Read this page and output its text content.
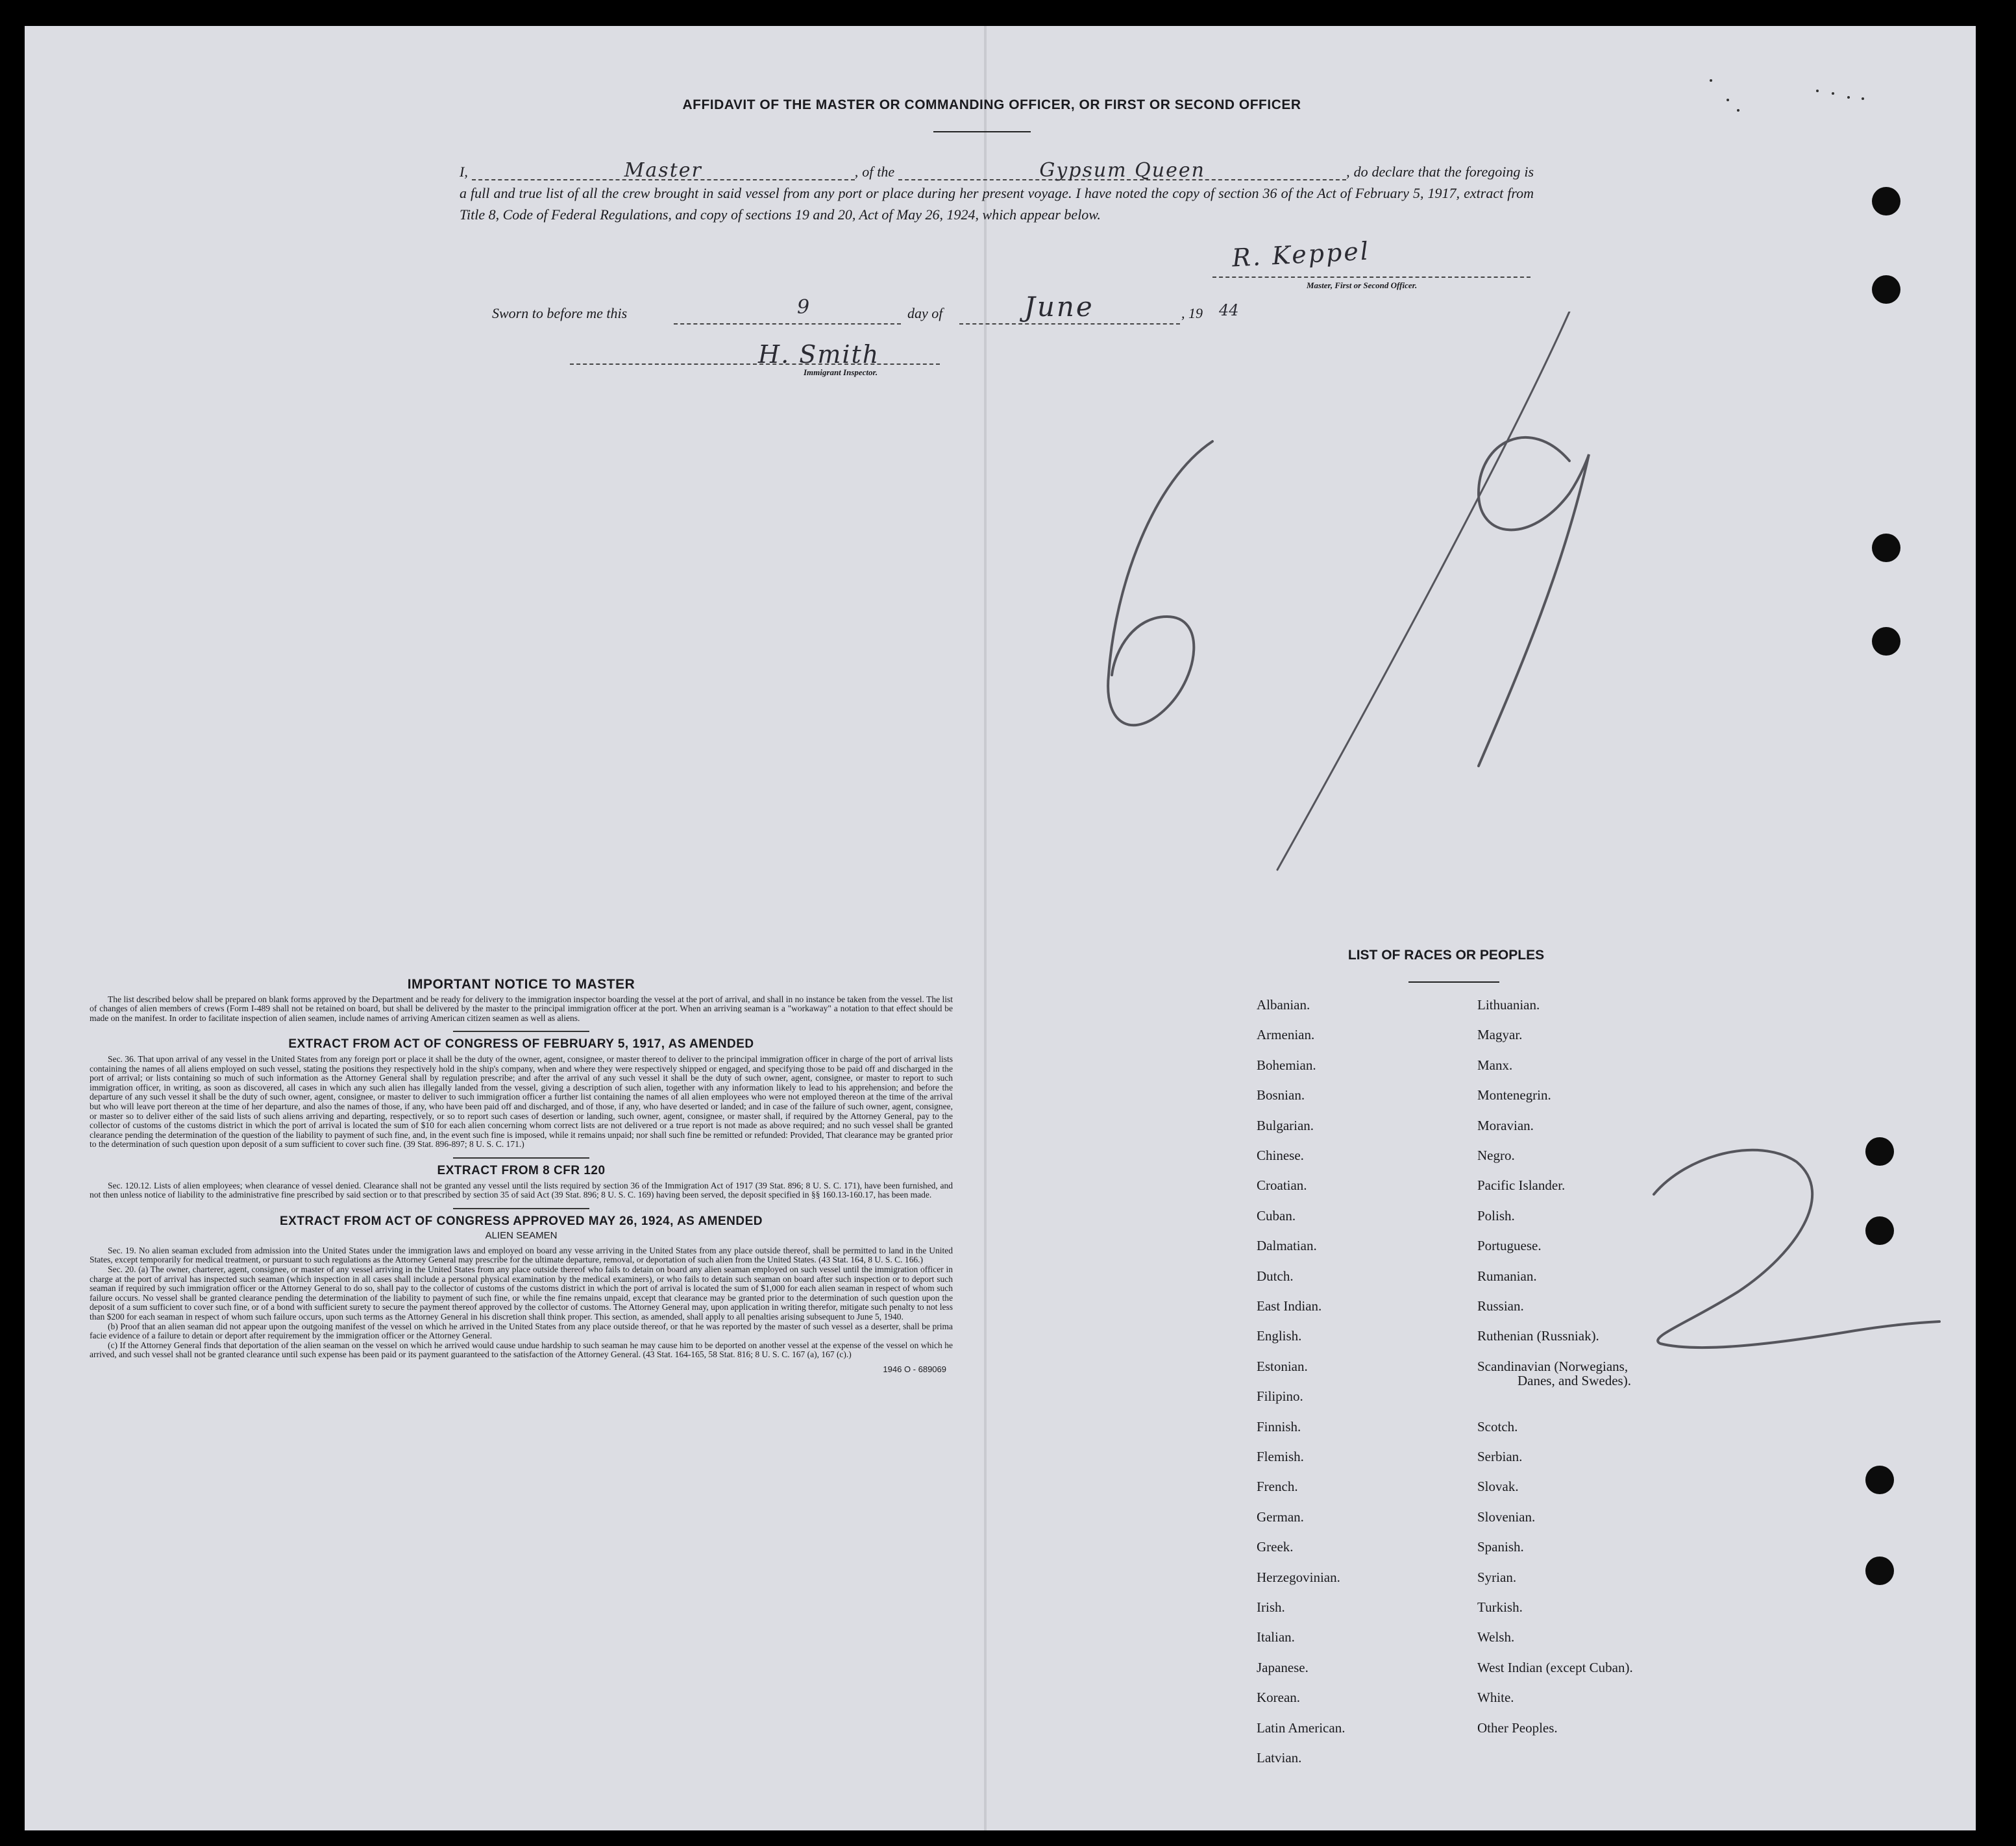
AFFIDAVIT OF THE MASTER OR COMMANDING OFFICER, OR FIRST OR SECOND OFFICER
I,	Master	, of the	Gypsum Queen	, do declare that the foregoing is a full and true list of all the crew brought in said vessel from any port or place during her present voyage. I have noted the copy of section 36 of the Act of February 5, 1917, extract from Title 8, Code of Federal Regulations, and copy of sections 19 and 20, Act of May 26, 1924, which appear below.
R. Keppel
Master, First or Second Officer.
Sworn to before me this	9	day of	June	, 19 44
H. Smith
Immigrant Inspector.
IMPORTANT NOTICE TO MASTER

The list described below shall be prepared on blank forms approved by the Department and be ready for delivery to the immigration inspector boarding the vessel at the port of arrival, and shall in no instance be taken from the vessel. The list of changes of alien members of crews (Form I-489 shall not be retained on board, but shall be delivered by the master to the principal immigration officer at the port. When an arriving seaman is a "workaway" a notation to that effect should be made on the manifest. In order to facilitate inspection of alien seamen, include names of arriving American citizen seamen as well as aliens.

EXTRACT FROM ACT OF CONGRESS OF FEBRUARY 5, 1917, AS AMENDED

Sec. 36. That upon arrival of any vessel in the United States from any foreign port or place it shall be the duty of the owner, agent, consignee, or master thereof to deliver to the principal immigration officer in charge of the port of arrival lists containing the names of all aliens employed on such vessel, stating the positions they respectively hold in the ship's company, when and where they were respectively shipped or engaged, and specifying those to be paid off and discharged in the port of arrival; or lists containing so much of such information as the Attorney General shall by regulation prescribe; and after the arrival of any such vessel it shall be the duty of such owner, agent, consignee, or master to report to such immigration officer, in writing, as soon as discovered, all cases in which any such alien has illegally landed from the vessel, giving a description of such alien, together with any information likely to lead to his apprehension; and before the departure of any such vessel it shall be the duty of such owner, agent, consignee, or master to deliver to such immigration officer a further list containing the names of all alien employees who were not employed thereon at the time of the arrival but who will leave port thereon at the time of her departure, and also the names of those, if any, who have been paid off and discharged, and of those, if any, who have deserted or landed; and in case of the failure of such owner, agent, consignee, or master so to deliver either of the said lists of such aliens arriving and departing, respectively, or so to report such cases of desertion or landing, such owner, agent, consignee, or master shall, if required by the Attorney General, pay to the collector of customs of the customs district in which the port of arrival is located the sum of $10 for each alien concerning whom correct lists are not delivered or a true report is not made as above required; and no such vessel shall be granted clearance pending the determination of the question of the liability to payment of such fine, and, in the event such fine is imposed, while it remains unpaid; nor shall such fine be remitted or refunded: Provided, That clearance may be granted prior to the determination of such question upon deposit of a sum sufficient to cover such fine. (39 Stat. 896-897; 8 U. S. C. 171.)

EXTRACT FROM 8 CFR 120

Sec. 120.12. Lists of alien employees; when clearance of vessel denied. Clearance shall not be granted any vessel until the lists required by section 36 of the Immigration Act of 1917 (39 Stat. 896; 8 U. S. C. 171), have been furnished, and not then unless notice of liability to the administrative fine prescribed by said section or to that prescribed by section 35 of said Act (39 Stat. 896; 8 U. S. C. 169) having been served, the deposit specified in §§ 160.13-160.17, has been made.

EXTRACT FROM ACT OF CONGRESS APPROVED MAY 26, 1924, AS AMENDED
ALIEN SEAMEN

Sec. 19. No alien seaman excluded from admission into the United States under the immigration laws and employed on board any vesse arriving in the United States from any place outside thereof, shall be permitted to land in the United States, except temporarily for medical treatment, or pursuant to such regulations as the Attorney General may prescribe for the ultimate departure, removal, or deportation of such alien from the United States. (43 Stat. 164, 8 U. S. C. 166.)

Sec. 20. (a) The owner, charterer, agent, consignee, or master of any vessel arriving in the United States from any place outside thereof who fails to detain on board any alien seaman employed on such vessel until the immigration officer in charge at the port of arrival has inspected such seaman (which inspection in all cases shall include a personal physical examination by the medical examiners), or who fails to detain such seaman on board after such inspection or to deport such seaman if required by such immigration officer or the Attorney General to do so, shall pay to the collector of customs of the customs district in which the port of arrival is located the sum of $1,000 for each alien seaman in respect of whom such failure occurs. No vessel shall be granted clearance pending the determination of the liability to payment of such fine, or while the fine remains unpaid, except that clearance may be granted prior to the determination of such question upon the deposit of a sum sufficient to cover such fine, or of a bond with sufficient surety to secure the payment thereof approved by the collector of customs. The Attorney General may, upon application in writing therefor, mitigate such penalty to not less than $200 for each seaman in respect of whom such failure occurs, upon such terms as the Attorney General in his discretion shall think proper. This section, as amended, shall apply to all penalties arising subsequent to June 5, 1940.

(b) Proof that an alien seaman did not appear upon the outgoing manifest of the vessel on which he arrived in the United States from any place outside thereof, or that he was reported by the master of such vessel as a deserter, shall be prima facie evidence of a failure to detain or deport after requirement by the immigration officer or the Attorney General.

(c) If the Attorney General finds that deportation of the alien seaman on the vessel on which he arrived would cause undue hardship to such seaman he may cause him to be deported on another vessel at the expense of the vessel on which he arrived, and such vessel shall not be granted clearance until such expense has been paid or its payment guaranteed to the satisfaction of the Attorney General. (43 Stat. 164-165, 58 Stat. 816; 8 U. S. C. 167 (a), 167 (c).)

1946 O - 689069
LIST OF RACES OR PEOPLES
Albanian.
Armenian.
Bohemian.
Bosnian.
Bulgarian.
Chinese.
Croatian.
Cuban.
Dalmatian.
Dutch.
East Indian.
English.
Estonian.
Filipino.
Finnish.
Flemish.
French.
German.
Greek.
Herzegovinian.
Irish.
Italian.
Japanese.
Korean.
Latin American.
Latvian.
Lithuanian.
Magyar.
Manx.
Montenegrin.
Moravian.
Negro.
Pacific Islander.
Polish.
Portuguese.
Rumanian.
Russian.
Ruthenian (Russniak).
Scandinavian (Norwegians,
Danes, and Swedes).
Scotch.
Serbian.
Slovak.
Slovenian.
Spanish.
Syrian.
Turkish.
Welsh.
West Indian (except Cuban).
White.
Other Peoples.
